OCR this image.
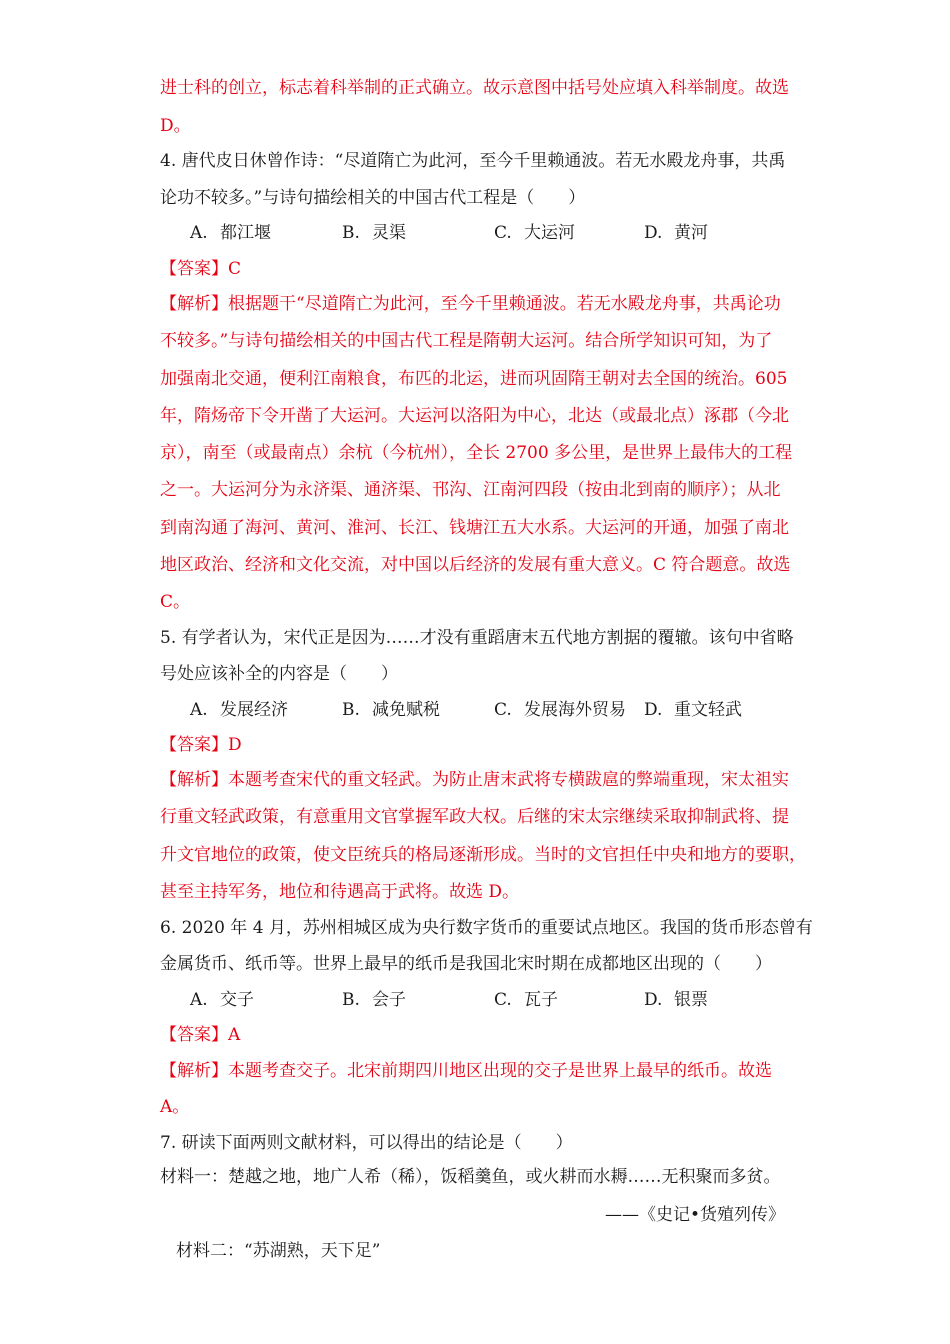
进士科的创立，标志着科举制的正式确立。故示意图中括号处应填入科举制度。故选
D。
4. 唐代皮日休曾作诗：“尽道隋亡为此河，至今千里赖通波。若无水殿龙舟事，共禹
论功不较多。”与诗句描绘相关的中国古代工程是（　　）
A. 都江堰	B. 灵渠	C. 大运河	D. 黄河
【答案】C
【解析】根据题干“尽道隋亡为此河，至今千里赖通波。若无水殿龙舟事，共禹论功
不较多。”与诗句描绘相关的中国古代工程是隋朝大运河。结合所学知识可知，为了
加强南北交通，便利江南粮食，布匹的北运，进而巩固隋王朝对去全国的统治。605
年，隋炀帝下令开凿了大运河。大运河以洛阳为中心，北达（或最北点）涿郡（今北
京），南至（或最南点）余杭（今杭州），全长 2700 多公里，是世界上最伟大的工程
之一。大运河分为永济渠、通济渠、邗沟、江南河四段（按由北到南的顺序）；从北
到南沟通了海河、黄河、淮河、长江、钱塘江五大水系。大运河的开通，加强了南北
地区政治、经济和文化交流，对中国以后经济的发展有重大意义。C 符合题意。故选
C。
5. 有学者认为，宋代正是因为……才没有重蹈唐末五代地方割据的覆辙。该句中省略
号处应该补全的内容是（　　）
A. 发展经济	B. 减免赋税	C. 发展海外贸易 D. 重文轻武
【答案】D
【解析】本题考查宋代的重文轻武。为防止唐末武将专横跋扈的弊端重现，宋太祖实
行重文轻武政策，有意重用文官掌握军政大权。后继的宋太宗继续采取抑制武将、提
升文官地位的政策，使文臣统兵的格局逐渐形成。当时的文官担任中央和地方的要职，
甚至主持军务，地位和待遇高于武将。故选 D。
6. 2020 年 4 月，苏州相城区成为央行数字货币的重要试点地区。我国的货币形态曾有
金属货币、纸币等。世界上最早的纸币是我国北宋时期在成都地区出现的（　　）
A. 交子	B. 会子	C. 瓦子	D. 银票
【答案】A
【解析】本题考查交子。北宋前期四川地区出现的交子是世界上最早的纸币。故选
A。
7. 研读下面两则文献材料，可以得出的结论是（　　）
材料一：楚越之地，地广人希（稀），饭稻羹鱼，或火耕而水耨……无积聚而多贫。
——《史记•货殖列传》
材料二：“苏湖熟，天下足”
